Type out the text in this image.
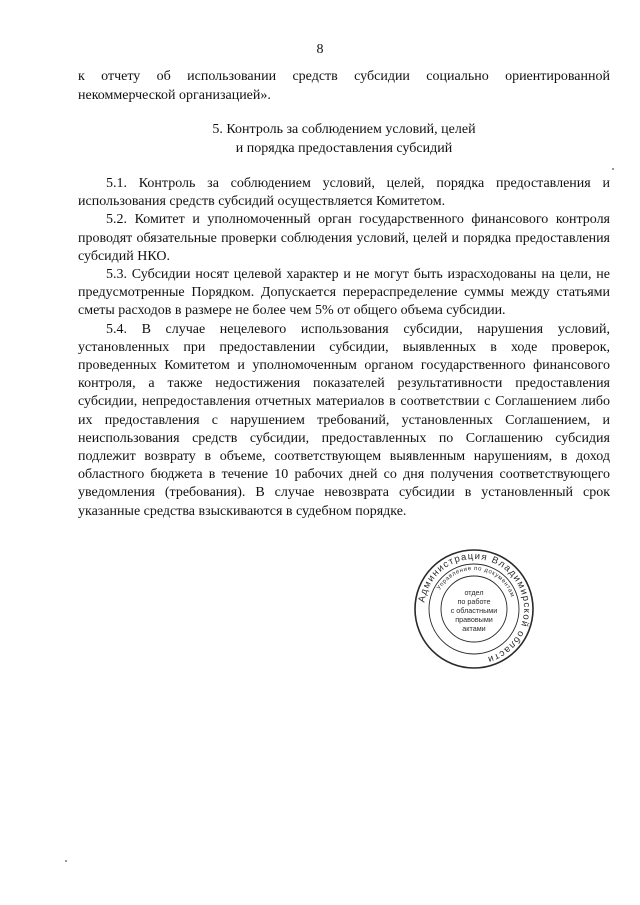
8
к отчету об использовании средств субсидии социально ориентированной некоммерческой организацией».
5. Контроль за соблюдением условий, целей
и порядка предоставления субсидий

5.1. Контроль за соблюдением условий, целей, порядка предоставления и использования средств субсидий осуществляется Комитетом.

5.2. Комитет и уполномоченный орган государственного финансового контроля проводят обязательные проверки соблюдения условий, целей и порядка предоставления субсидий НКО.

5.3. Субсидии носят целевой характер и не могут быть израсходованы на цели, не предусмотренные Порядком. Допускается перераспределение суммы между статьями сметы расходов в размере не более чем 5% от общего объема субсидии.

5.4. В случае нецелевого использования субсидии, нарушения условий, установленных при предоставлении субсидии, выявленных в ходе проверок, проведенных Комитетом и уполномоченным органом государственного финансового контроля, а также недостижения показателей результативности предоставления субсидии, непредоставления отчетных материалов в соответствии с Соглашением либо их предоставления с нарушением требований, установленных Соглашением, и неиспользования средств субсидии, предоставленных по Соглашению субсидия подлежит возврату в объеме, соответствующем выявленным нарушениям, в доход областного бюджета в течение 10 рабочих дней со дня получения соответствующего уведомления (требования). В случае невозврата субсидии в установленный срок указанные средства взыскиваются в судебном порядке.

Администрация Владимирской области
Управление по документам
отдел
по работе
с областными
правовыми
актами
